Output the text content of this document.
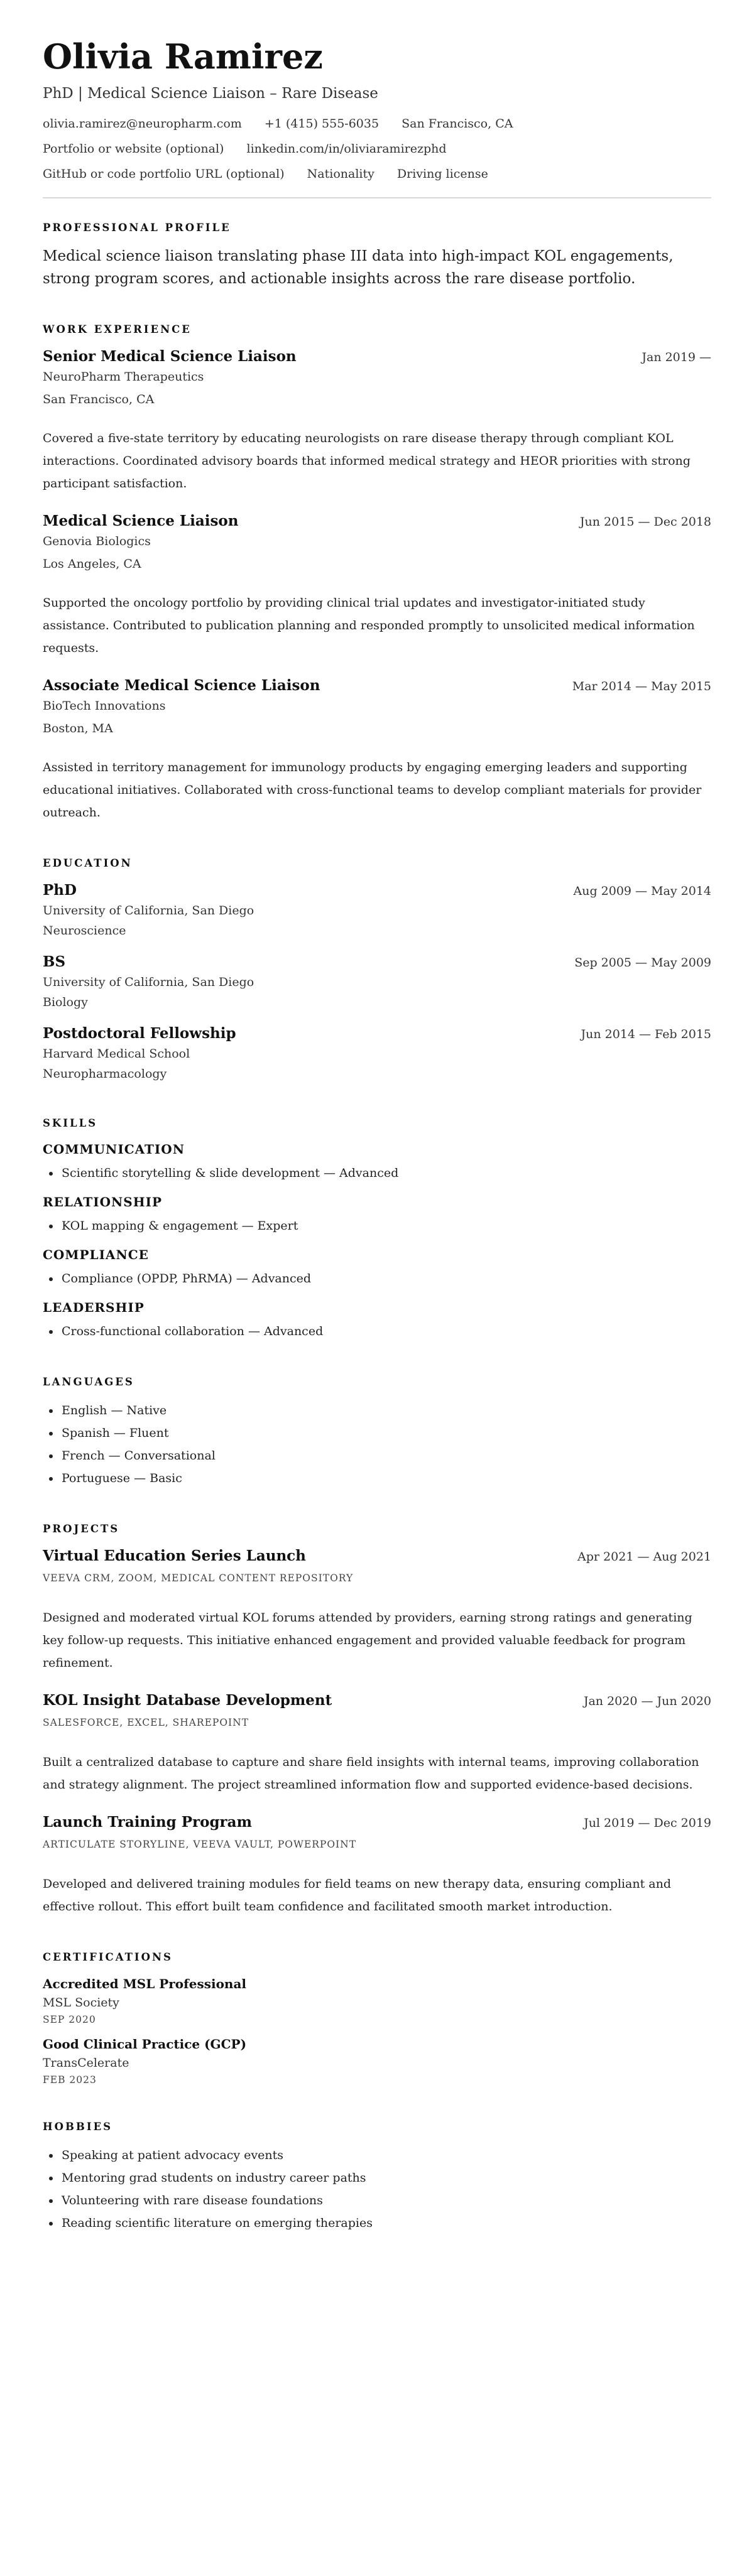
Olivia Ramirez
PhD | Medical Science Liaison – Rare Disease
olivia.ramirez@neuropharm.com +1 (415) 555-6035 San Francisco, CA
Portfolio or website (optional) linkedin.com/in/oliviaramirezphd
GitHub or code portfolio URL (optional) Nationality Driving license
PROFESSIONAL PROFILE
Medical science liaison translating phase III data into high-impact KOL engagements, strong program scores, and actionable insights across the rare disease portfolio.
WORK EXPERIENCE
Senior Medical Science Liaison	Jan 2019 —
NeuroPharm Therapeutics
San Francisco, CA
Covered a five-state territory by educating neurologists on rare disease therapy through compliant KOL interactions. Coordinated advisory boards that informed medical strategy and HEOR priorities with strong participant satisfaction.
Medical Science Liaison	Jun 2015 — Dec 2018
Genovia Biologics
Los Angeles, CA
Supported the oncology portfolio by providing clinical trial updates and investigator-initiated study assistance. Contributed to publication planning and responded promptly to unsolicited medical information requests.
Associate Medical Science Liaison	Mar 2014 — May 2015
BioTech Innovations
Boston, MA
Assisted in territory management for immunology products by engaging emerging leaders and supporting educational initiatives. Collaborated with cross-functional teams to develop compliant materials for provider outreach.
EDUCATION
PhD	Aug 2009 — May 2014
University of California, San Diego
Neuroscience
BS	Sep 2005 — May 2009
University of California, San Diego
Biology
Postdoctoral Fellowship	Jun 2014 — Feb 2015
Harvard Medical School
Neuropharmacology
SKILLS
COMMUNICATION
• Scientific storytelling & slide development — Advanced
RELATIONSHIP
• KOL mapping & engagement — Expert
COMPLIANCE
• Compliance (OPDP, PhRMA) — Advanced
LEADERSHIP
• Cross-functional collaboration — Advanced
LANGUAGES
• English — Native
• Spanish — Fluent
• French — Conversational
• Portuguese — Basic
PROJECTS
Virtual Education Series Launch	Apr 2021 — Aug 2021
VEEVA CRM, ZOOM, MEDICAL CONTENT REPOSITORY
Designed and moderated virtual KOL forums attended by providers, earning strong ratings and generating key follow-up requests. This initiative enhanced engagement and provided valuable feedback for program refinement.
KOL Insight Database Development	Jan 2020 — Jun 2020
SALESFORCE, EXCEL, SHAREPOINT
Built a centralized database to capture and share field insights with internal teams, improving collaboration and strategy alignment. The project streamlined information flow and supported evidence-based decisions.
Launch Training Program	Jul 2019 — Dec 2019
ARTICULATE STORYLINE, VEEVA VAULT, POWERPOINT
Developed and delivered training modules for field teams on new therapy data, ensuring compliant and effective rollout. This effort built team confidence and facilitated smooth market introduction.
CERTIFICATIONS
Accredited MSL Professional
MSL Society
SEP 2020
Good Clinical Practice (GCP)
TransCelerate
FEB 2023
HOBBIES
• Speaking at patient advocacy events
• Mentoring grad students on industry career paths
• Volunteering with rare disease foundations
• Reading scientific literature on emerging therapies
